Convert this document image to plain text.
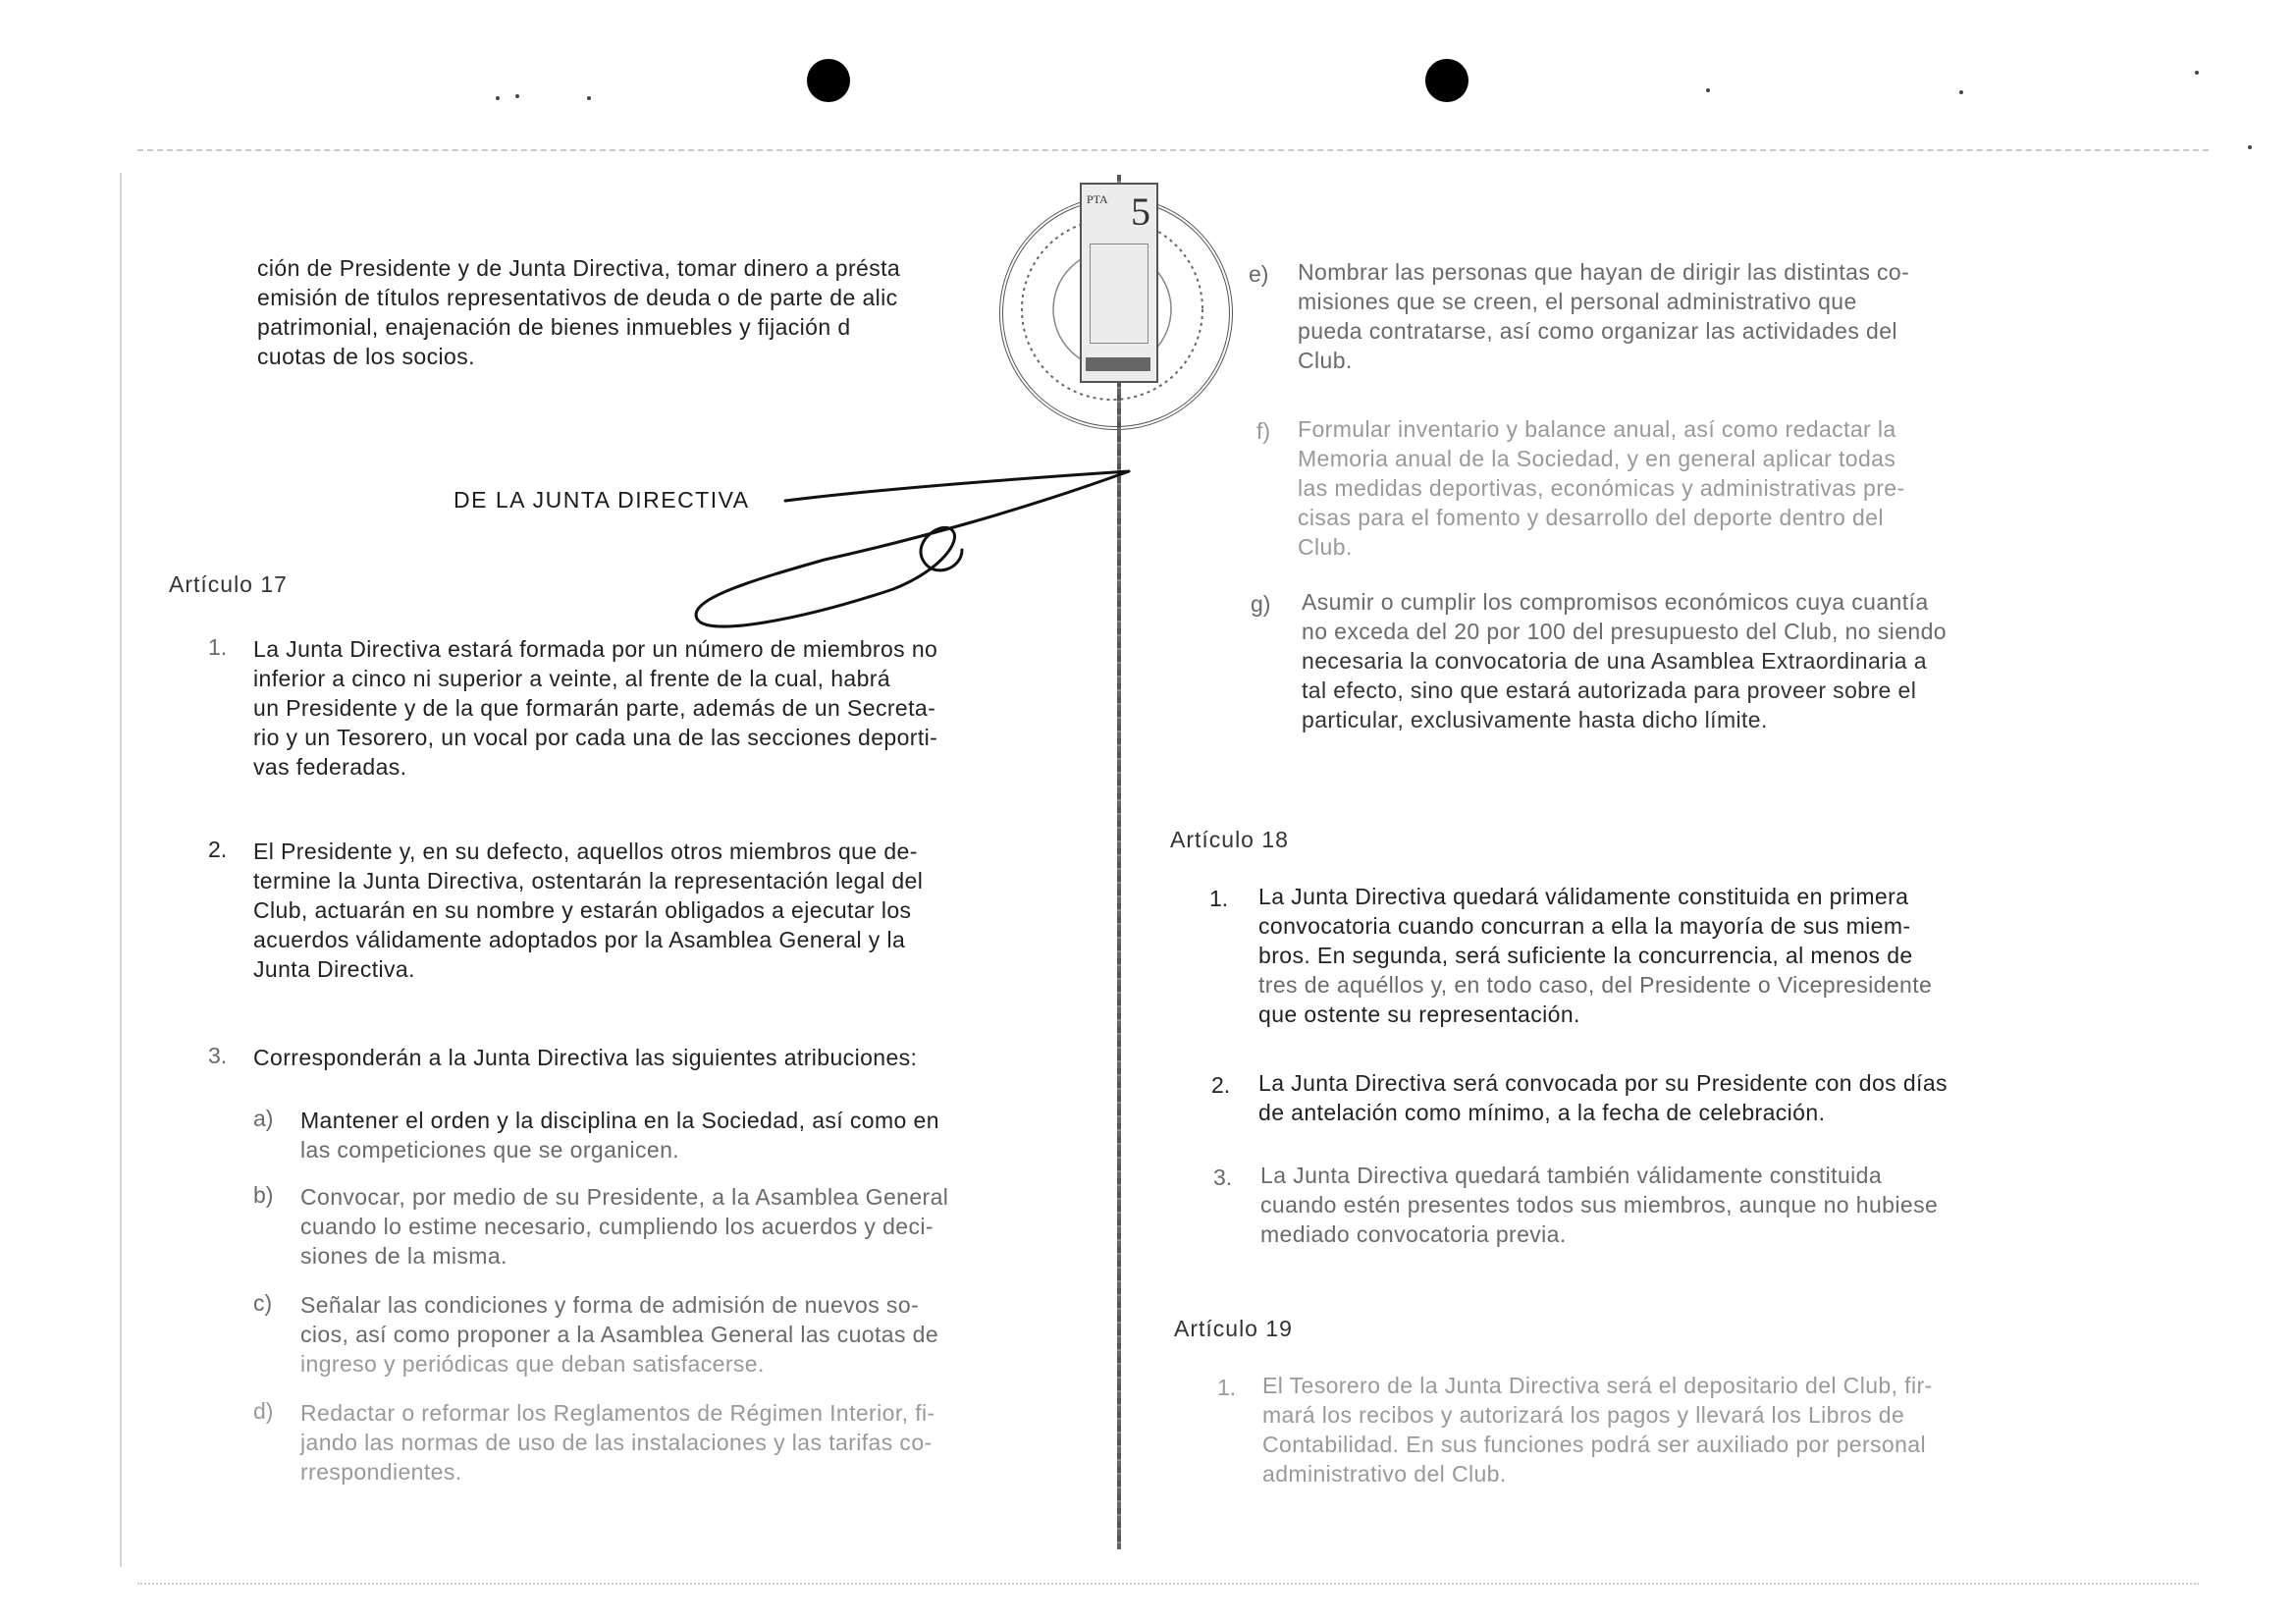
ción de Presidente y de Junta Directiva, tomar dinero a présta

emisión de títulos representativos de deuda o de parte de alic

patrimonial, enajenación de bienes inmuebles y fijación d

cuotas de los socios.

DE LA JUNTA DIRECTIVA
Artículo 17
1. La Junta Directiva estará formada por un número de miembros no

inferior a cinco ni superior a veinte, al frente de la cual, habrá

un Presidente y de la que formarán parte, además de un Secreta-

rio y un Tesorero, un vocal por cada una de las secciones deporti-

vas federadas.

2. El Presidente y, en su defecto, aquellos otros miembros que de-

termine la Junta Directiva, ostentarán la representación legal del

Club, actuarán en su nombre y estarán obligados a ejecutar los

acuerdos válidamente adoptados por la Asamblea General y la

Junta Directiva.

3. Corresponderán a la Junta Directiva las siguientes atribuciones:

a) Mantener el orden y la disciplina en la Sociedad, así como en

las competiciones que se organicen.

b) Convocar, por medio de su Presidente, a la Asamblea General

cuando lo estime necesario, cumpliendo los acuerdos y deci-

siones de la misma.

c) Señalar las condiciones y forma de admisión de nuevos so-

cios, así como proponer a la Asamblea General las cuotas de

ingreso y periódicas que deban satisfacerse.

d) Redactar o reformar los Reglamentos de Régimen Interior, fi-

jando las normas de uso de las instalaciones y las tarifas co-

rrespondientes.

e) Nombrar las personas que hayan de dirigir las distintas co-

misiones que se creen, el personal administrativo que

pueda contratarse, así como organizar las actividades del

Club.

f) Formular inventario y balance anual, así como redactar la

Memoria anual de la Sociedad, y en general aplicar todas

las medidas deportivas, económicas y administrativas pre-

cisas para el fomento y desarrollo del deporte dentro del

Club.

g) Asumir o cumplir los compromisos económicos cuya cuantía

no exceda del 20 por 100 del presupuesto del Club, no siendo

necesaria la convocatoria de una Asamblea Extraordinaria a

tal efecto, sino que estará autorizada para proveer sobre el

particular, exclusivamente hasta dicho límite.

Artículo 18
1. La Junta Directiva quedará válidamente constituida en primera

convocatoria cuando concurran a ella la mayoría de sus miem-

bros. En segunda, será suficiente la concurrencia, al menos de

tres de aquéllos y, en todo caso, del Presidente o Vicepresidente

que ostente su representación.

2. La Junta Directiva será convocada por su Presidente con dos días

de antelación como mínimo, a la fecha de celebración.

3. La Junta Directiva quedará también válidamente constituida

cuando estén presentes todos sus miembros, aunque no hubiese

mediado convocatoria previa.

Artículo 19
1. El Tesorero de la Junta Directiva será el depositario del Club, fir-

mará los recibos y autorizará los pagos y llevará los Libros de

Contabilidad. En sus funciones podrá ser auxiliado por personal

administrativo del Club.

PTA 5
